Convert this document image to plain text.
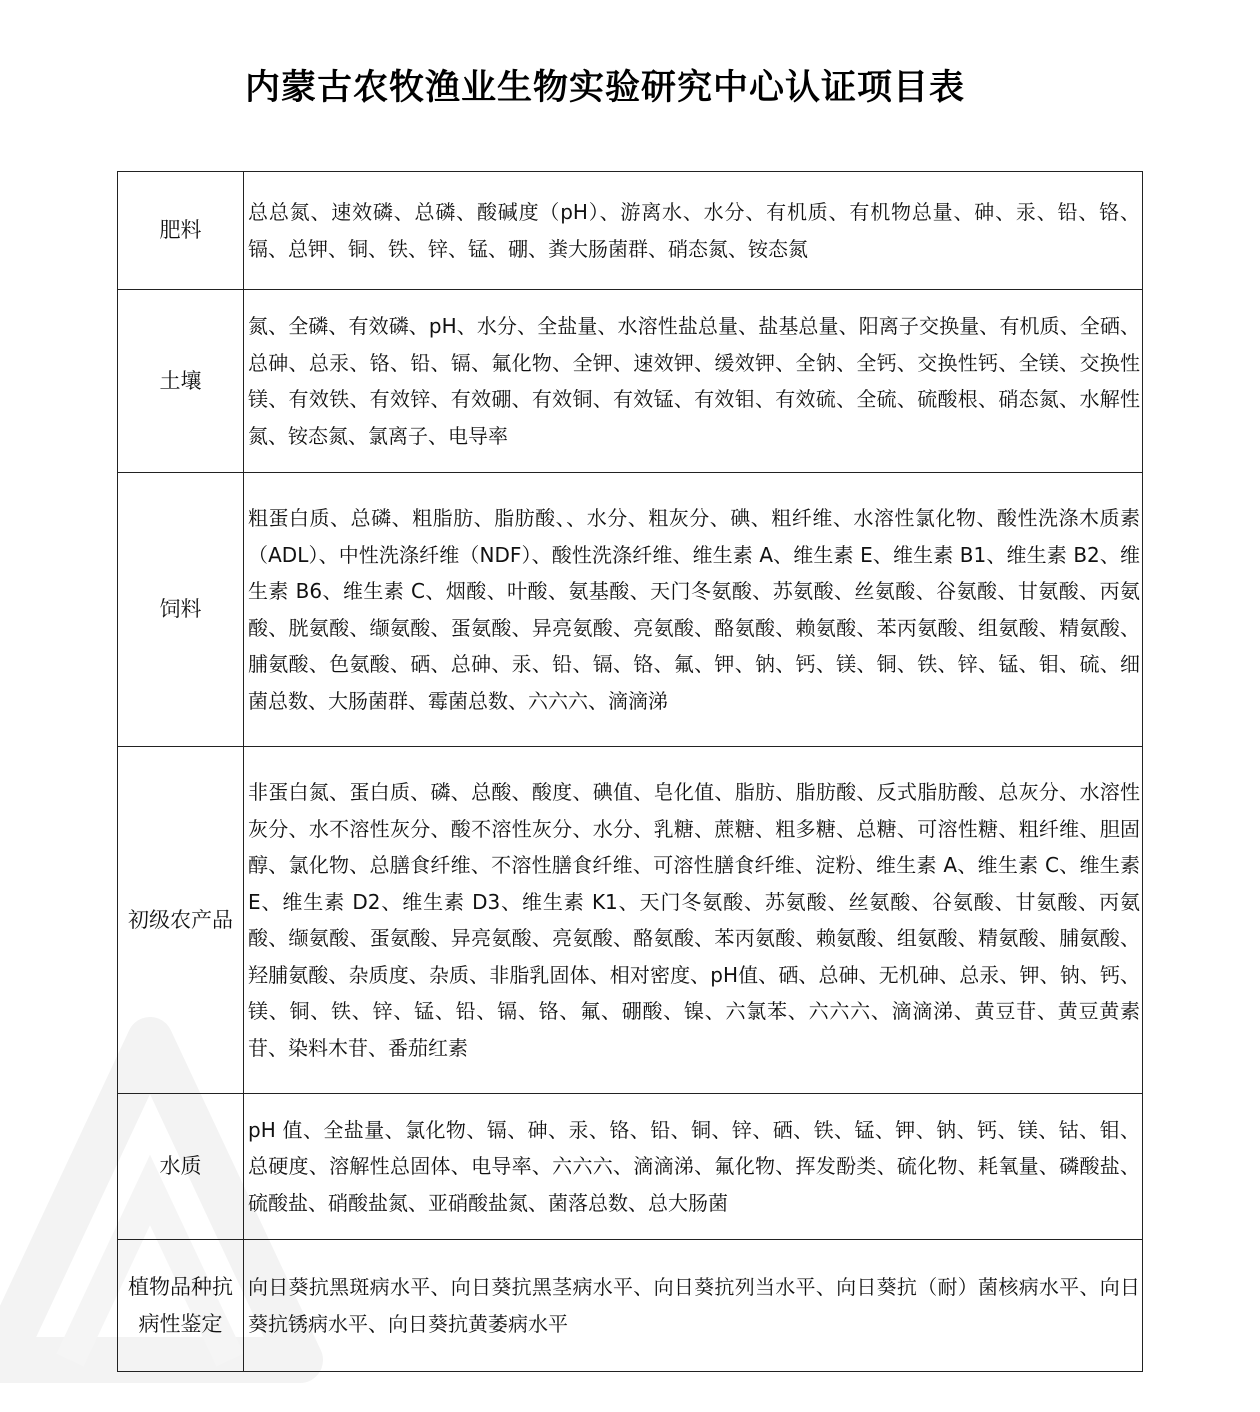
内蒙古农牧渔业生物实验研究中心认证项目表
肥料	总总氮、速效磷、总磷、酸碱度（pH）、游离水、水分、有机质、有机物总量、砷、汞、铅、铬、镉、总钾、铜、铁、锌、锰、硼、粪大肠菌群、硝态氮、铵态氮
土壤	氮、全磷、有效磷、pH、水分、全盐量、水溶性盐总量、盐基总量、阳离子交换量、有机质、全硒、总砷、总汞、铬、铅、镉、氟化物、全钾、速效钾、缓效钾、全钠、全钙、交换性钙、全镁、交换性镁、有效铁、有效锌、有效硼、有效铜、有效锰、有效钼、有效硫、全硫、硫酸根、硝态氮、水解性氮、铵态氮、氯离子、电导率
饲料	粗蛋白质、总磷、粗脂肪、脂肪酸、、水分、粗灰分、碘、粗纤维、水溶性氯化物、酸性洗涤木质素（ADL）、中性洗涤纤维（NDF）、酸性洗涤纤维、维生素 A、维生素 E、维生素 B1、维生素 B2、维生素 B6、维生素 C、烟酸、叶酸、氨基酸、天门冬氨酸、苏氨酸、丝氨酸、谷氨酸、甘氨酸、丙氨酸、胱氨酸、缬氨酸、蛋氨酸、异亮氨酸、亮氨酸、酪氨酸、赖氨酸、苯丙氨酸、组氨酸、精氨酸、脯氨酸、色氨酸、硒、总砷、汞、铅、镉、铬、氟、钾、钠、钙、镁、铜、铁、锌、锰、钼、硫、细菌总数、大肠菌群、霉菌总数、六六六、滴滴涕
初级农产品	非蛋白氮、蛋白质、磷、总酸、酸度、碘值、皂化值、脂肪、脂肪酸、反式脂肪酸、总灰分、水溶性灰分、水不溶性灰分、酸不溶性灰分、水分、乳糖、蔗糖、粗多糖、总糖、可溶性糖、粗纤维、胆固醇、氯化物、总膳食纤维、不溶性膳食纤维、可溶性膳食纤维、淀粉、维生素 A、维生素 C、维生素 E、维生素 D2、维生素 D3、维生素 K1、天门冬氨酸、苏氨酸、丝氨酸、谷氨酸、甘氨酸、丙氨酸、缬氨酸、蛋氨酸、异亮氨酸、亮氨酸、酪氨酸、苯丙氨酸、赖氨酸、组氨酸、精氨酸、脯氨酸、羟脯氨酸、杂质度、杂质、非脂乳固体、相对密度、pH值、硒、总砷、无机砷、总汞、钾、钠、钙、镁、铜、铁、锌、锰、铅、镉、铬、氟、硼酸、镍、六氯苯、六六六、滴滴涕、黄豆苷、黄豆黄素苷、染料木苷、番茄红素
水质	pH 值、全盐量、氯化物、镉、砷、汞、铬、铅、铜、锌、硒、铁、锰、钾、钠、钙、镁、钴、钼、总硬度、溶解性总固体、电导率、六六六、滴滴涕、氟化物、挥发酚类、硫化物、耗氧量、磷酸盐、硫酸盐、硝酸盐氮、亚硝酸盐氮、菌落总数、总大肠菌
植物品种抗病性鉴定	向日葵抗黑斑病水平、向日葵抗黑茎病水平、向日葵抗列当水平、向日葵抗（耐）菌核病水平、向日葵抗锈病水平、向日葵抗黄萎病水平
